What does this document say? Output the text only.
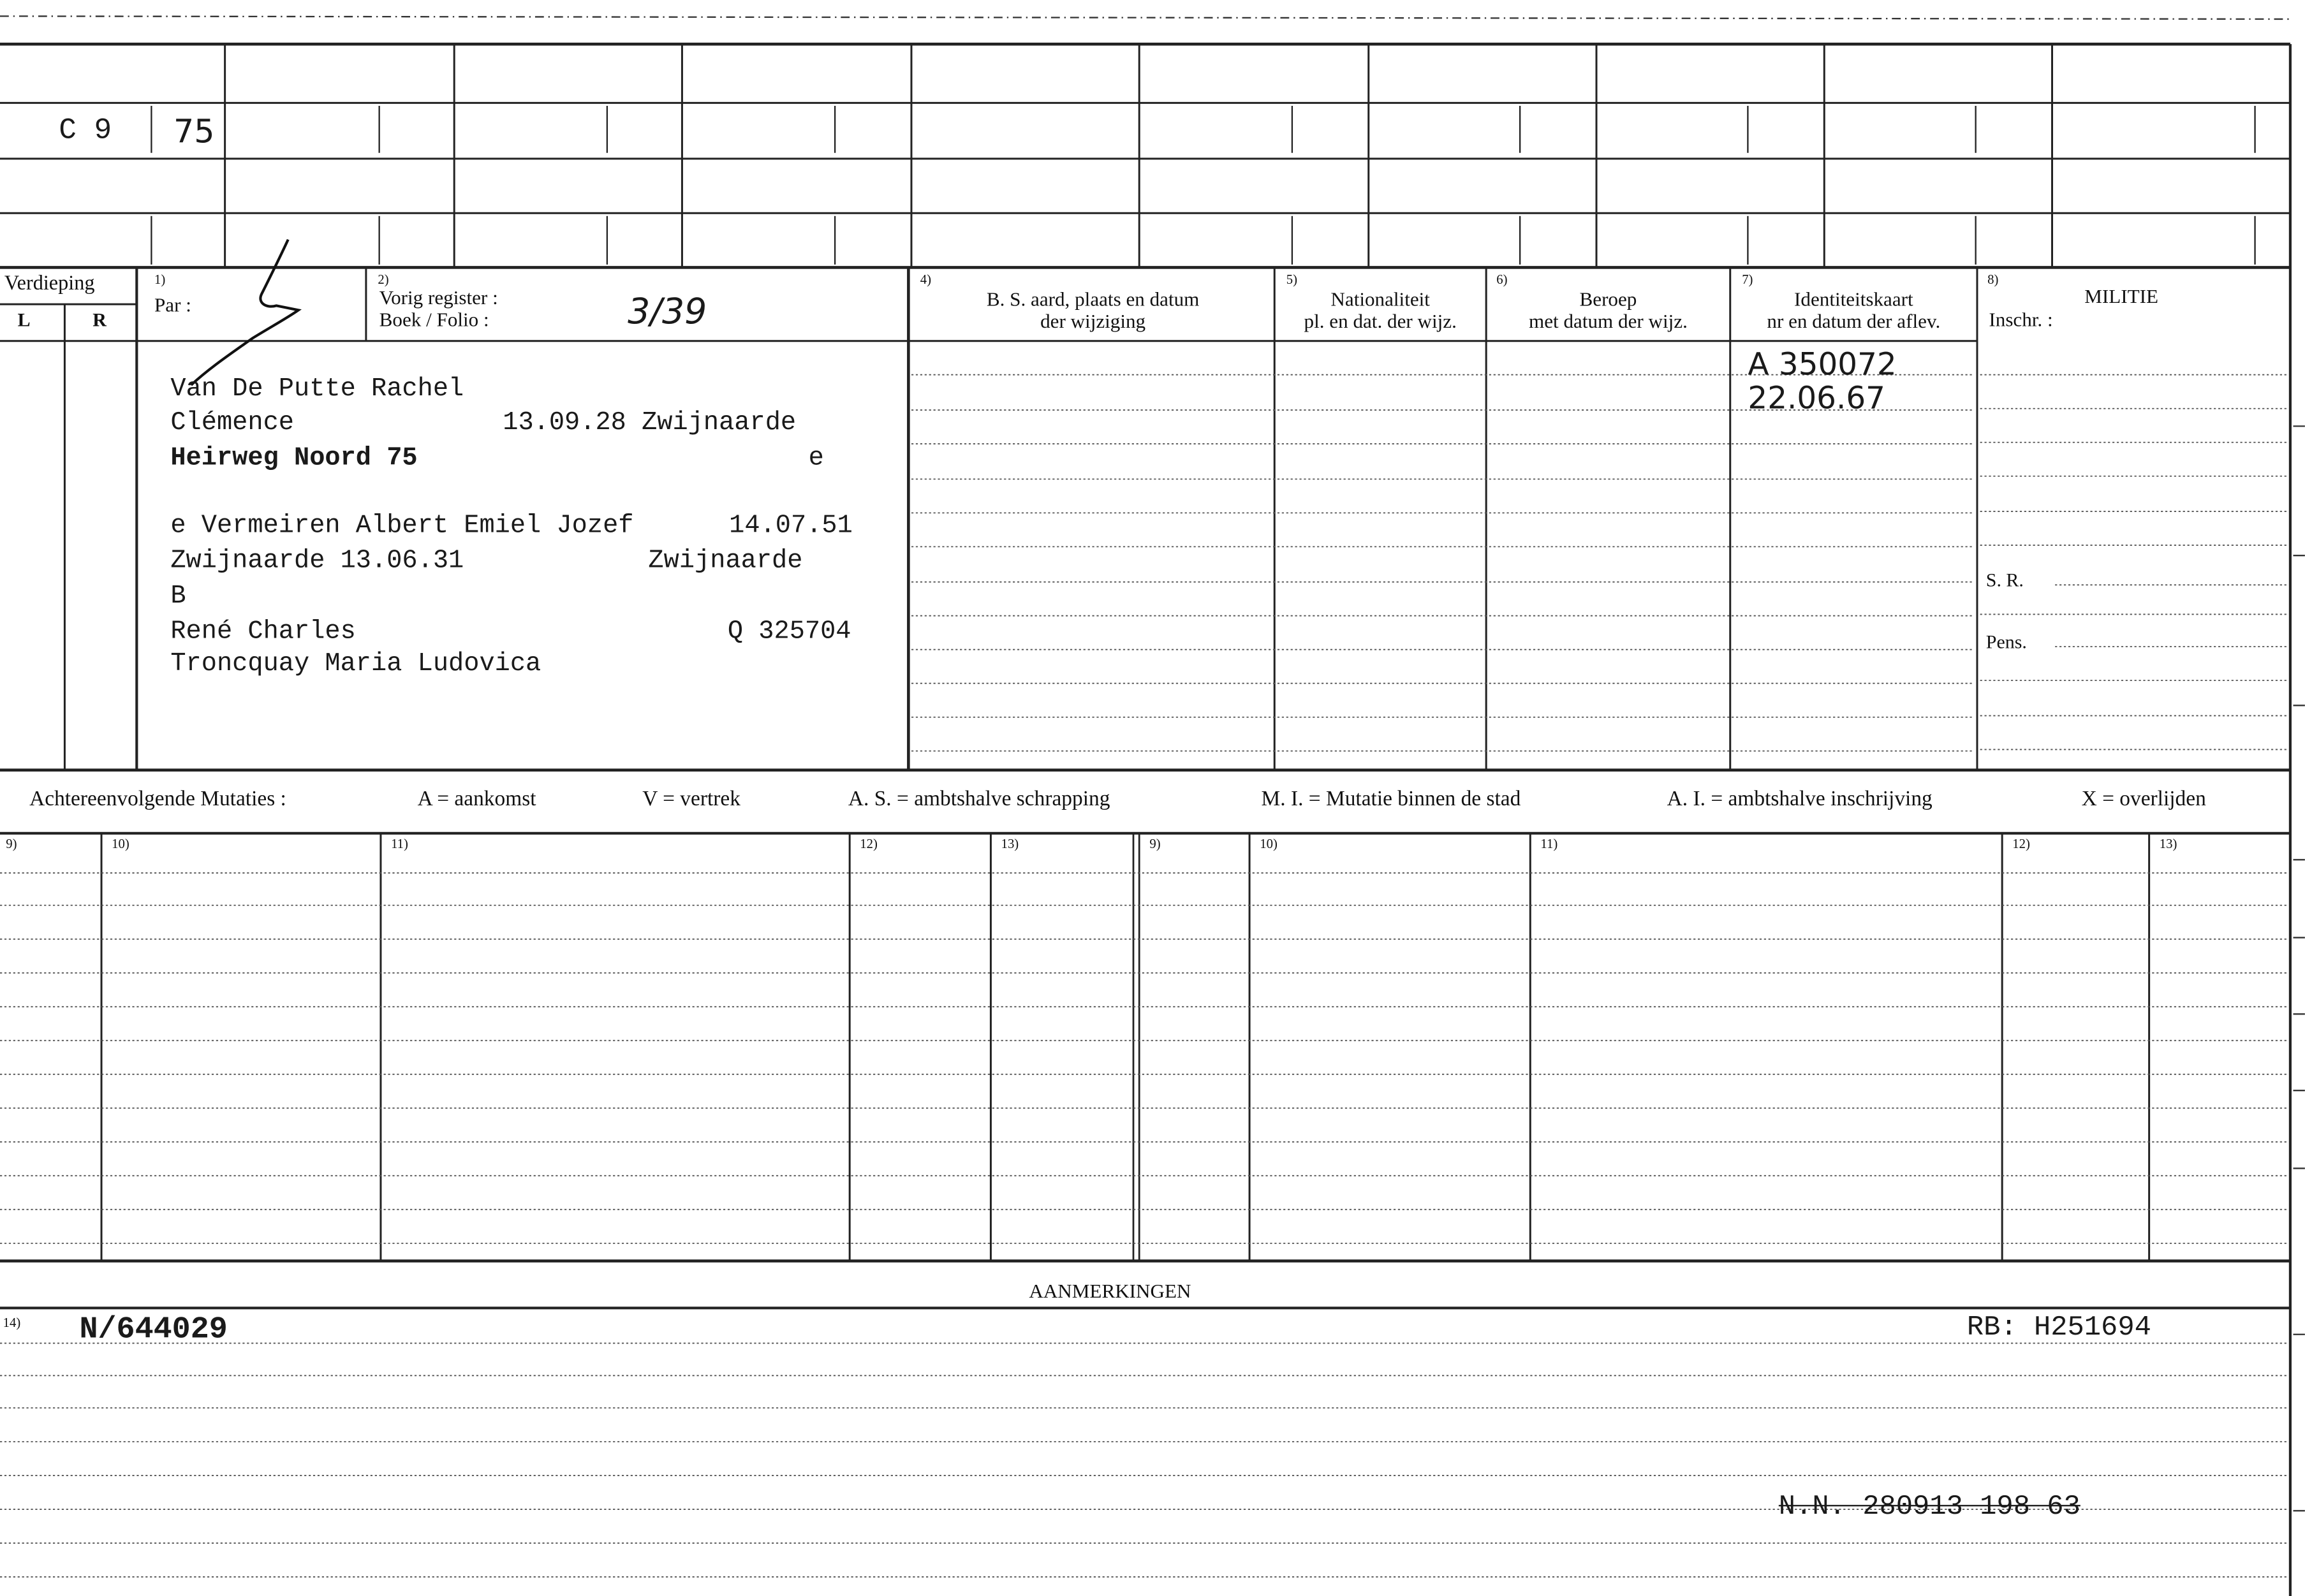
C 9	75
Verdieping
L	R
1)
Par :
2)
Vorig register :
Boek / Folio :	3/39
4)
B. S. aard, plaats en datum
der wijziging
5)
Nationaliteit
pl. en dat. der wijz.
6)
Beroep
met datum der wijz.
7)
Identiteitskaart
nr en datum der aflev.
8)
MILITIE
Inschr. :
S. R.
Pens.
Van De Putte Rachel
Clémence	13.09.28 Zwijnaarde
Heirweg Noord 75	e
e Vermeiren Albert Emiel Jozef	14.07.51
Zwijnaarde 13.06.31	Zwijnaarde
B
René Charles	Q 325704
Troncquay Maria Ludovica
A 350072
22.06.67
Achtereenvolgende Mutaties :	A = aankomst	V = vertrek	A. S. = ambtshalve schrapping	M. I. = Mutatie binnen de stad	A. I. = ambtshalve inschrijving	X = overlijden
9)	10)	11)	12)	13)	9)	10)	11)	12)	13)
AANMERKINGEN
14)	N/644029	RB: H251694
N.N. 280913 198 63
